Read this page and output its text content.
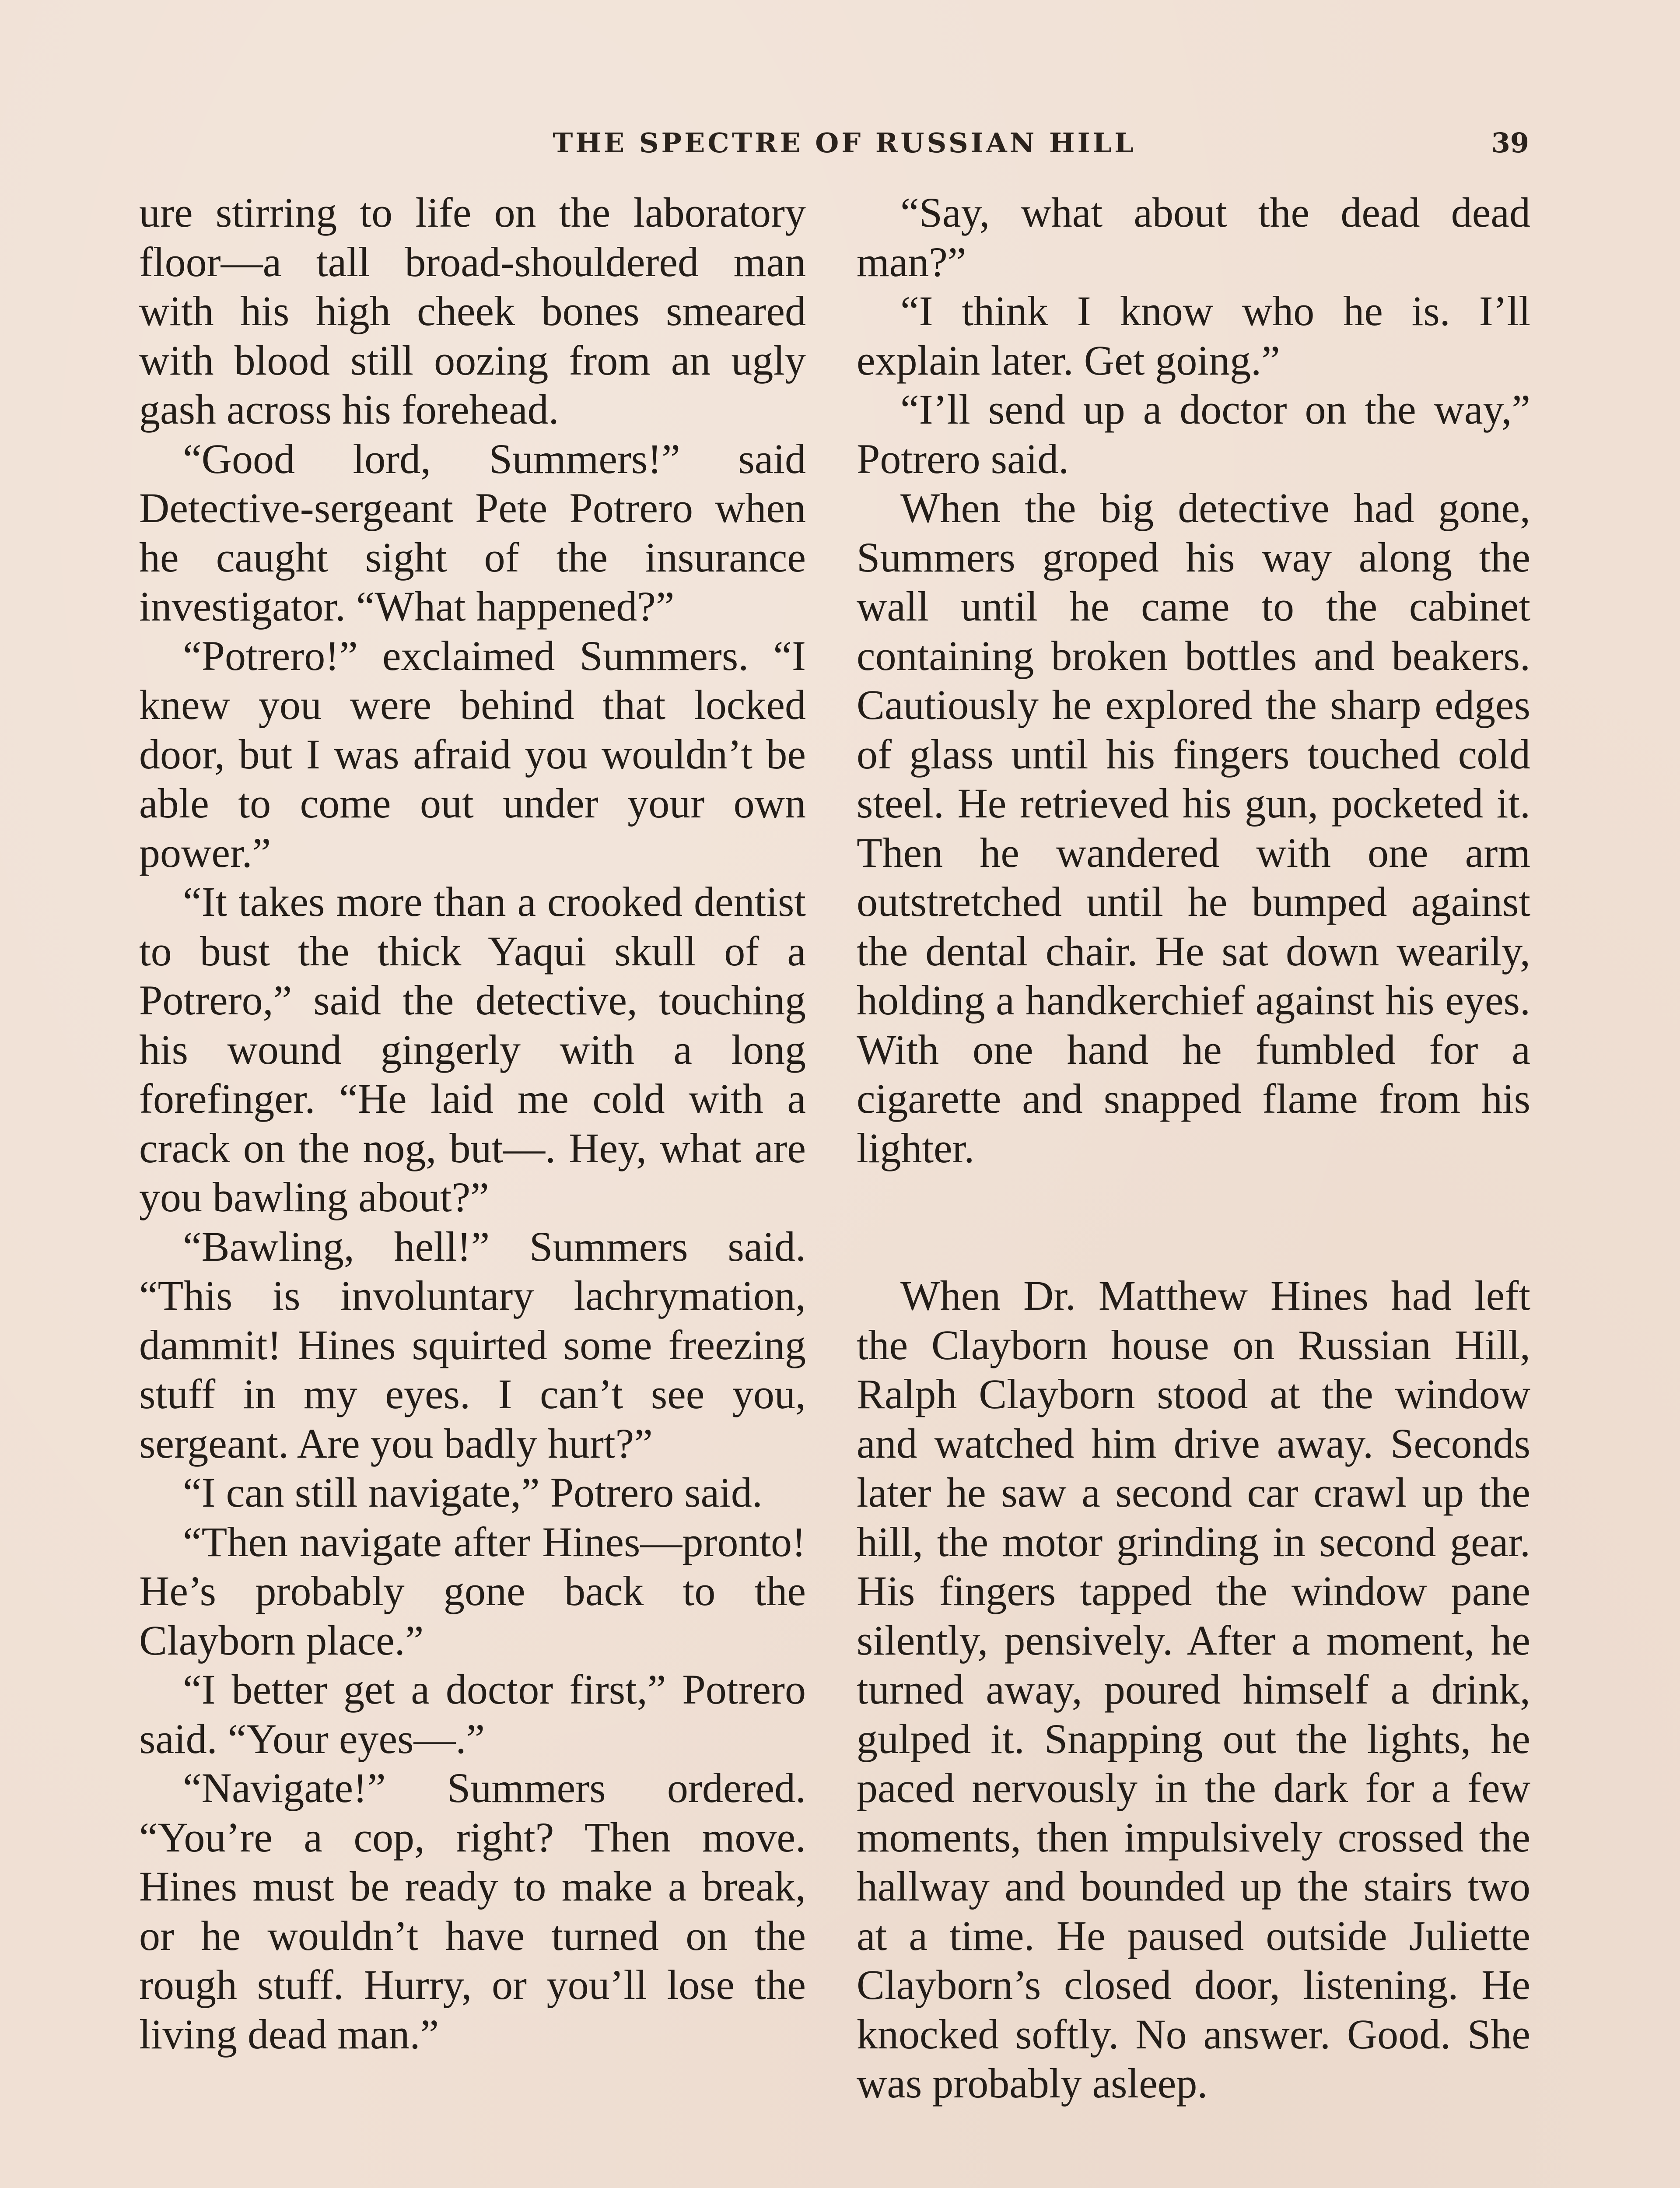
THE SPECTRE OF RUSSIAN HILL	39

ure stirring to life on the laboratory floor—a tall broad-shouldered man with his high cheek bones smeared with blood still oozing from an ugly gash across his forehead.

“Good lord, Summers!” said Detective-sergeant Pete Potrero when he caught sight of the insurance investigator. “What happened?”

“Potrero!” exclaimed Summers. “I knew you were behind that locked door, but I was afraid you wouldn’t be able to come out under your own power.”

“It takes more than a crooked dentist to bust the thick Yaqui skull of a Potrero,” said the detective, touching his wound gingerly with a long forefinger. “He laid me cold with a crack on the nog, but—. Hey, what are you bawling about?”

“Bawling, hell!” Summers said. “This is involuntary lachrymation, dammit! Hines squirted some freezing stuff in my eyes. I can’t see you, sergeant. Are you badly hurt?”

“I can still navigate,” Potrero said.

“Then navigate after Hines—pronto! He’s probably gone back to the Clayborn place.”

“I better get a doctor first,” Potrero said. “Your eyes—.”

“Navigate!” Summers ordered. “You’re a cop, right? Then move. Hines must be ready to make a break, or he wouldn’t have turned on the rough stuff. Hurry, or you’ll lose the living dead man.”

“Say, what about the dead dead man?”

“I think I know who he is. I’ll explain later. Get going.”

“I’ll send up a doctor on the way,” Potrero said.

When the big detective had gone, Summers groped his way along the wall until he came to the cabinet containing broken bottles and beakers. Cautiously he explored the sharp edges of glass until his fingers touched cold steel. He retrieved his gun, pocketed it. Then he wandered with one arm outstretched until he bumped against the dental chair. He sat down wearily, holding a handkerchief against his eyes. With one hand he fumbled for a cigarette and snapped flame from his lighter.

When Dr. Matthew Hines had left the Clayborn house on Russian Hill, Ralph Clayborn stood at the window and watched him drive away. Seconds later he saw a second car crawl up the hill, the motor grinding in second gear. His fingers tapped the window pane silently, pensively. After a moment, he turned away, poured himself a drink, gulped it. Snapping out the lights, he paced nervously in the dark for a few moments, then impulsively crossed the hallway and bounded up the stairs two at a time. He paused outside Juliette Clayborn’s closed door, listening. He knocked softly. No answer. Good. She was probably asleep.
